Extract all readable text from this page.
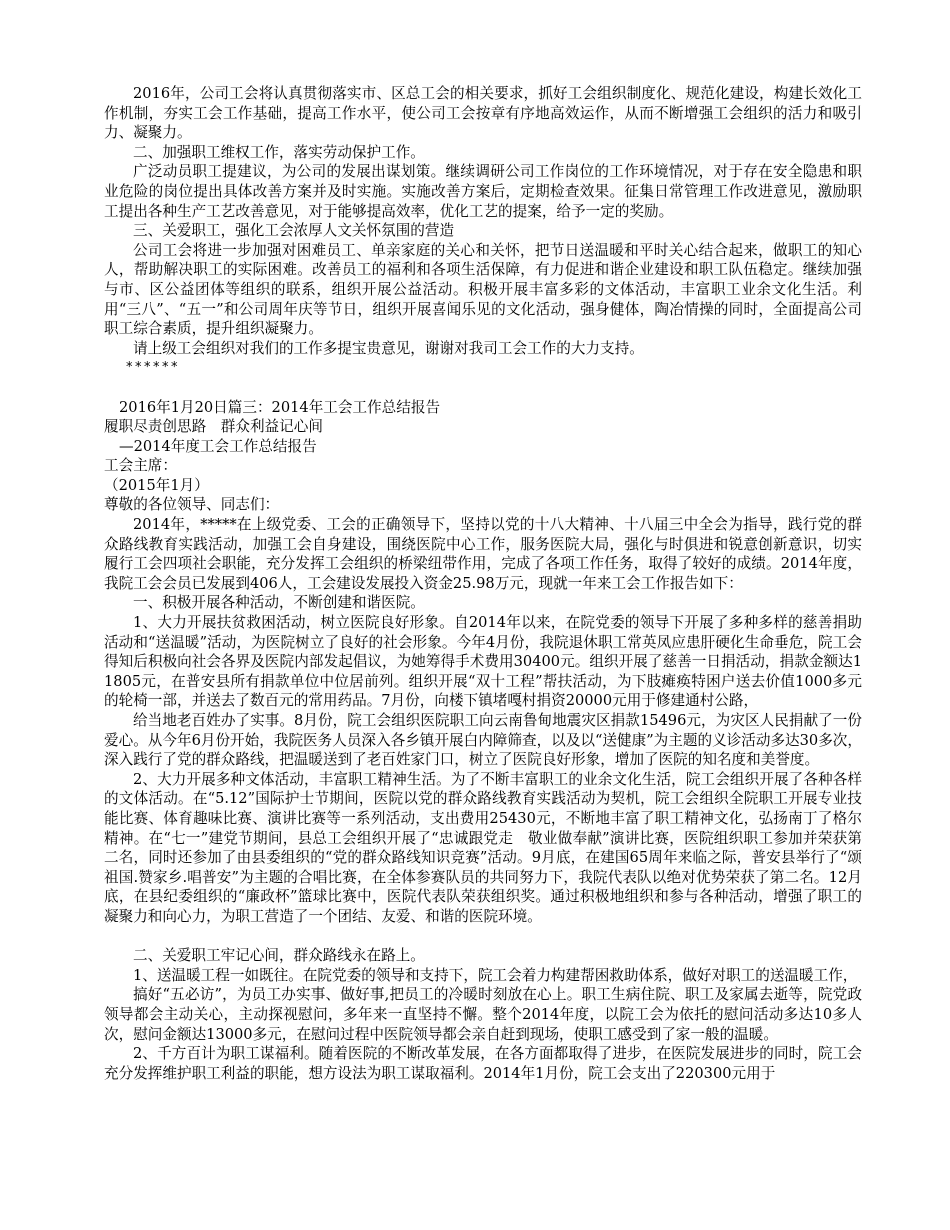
2016年，公司工会将认真贯彻落实市、区总工会的相关要求，抓好工会组织制度化、规范化建设，构建长效化工作机制，夯实工会工作基础，提高工作水平，使公司工会按章有序地高效运作，从而不断增强工会组织的活力和吸引力、凝聚力。
二、加强职工维权工作，落实劳动保护工作。
广泛动员职工提建议，为公司的发展出谋划策。继续调研公司工作岗位的工作环境情况，对于存在安全隐患和职业危险的岗位提出具体改善方案并及时实施。实施改善方案后，定期检查效果。征集日常管理工作改进意见，激励职工提出各种生产工艺改善意见，对于能够提高效率，优化工艺的提案，给予一定的奖励。
三、关爱职工，强化工会浓厚人文关怀氛围的营造
公司工会将进一步加强对困难员工、单亲家庭的关心和关怀，把节日送温暖和平时关心结合起来，做职工的知心人，帮助解决职工的实际困难。改善员工的福利和各项生活保障，有力促进和谐企业建设和职工队伍稳定。继续加强与市、区公益团体等组织的联系，组织开展公益活动。积极开展丰富多彩的文体活动，丰富职工业余文化生活。利用“三八”、“五一”和公司周年庆等节日，组织开展喜闻乐见的文化活动，强身健体，陶冶情操的同时，全面提高公司职工综合素质，提升组织凝聚力。
请上级工会组织对我们的工作多提宝贵意见，谢谢对我司工会工作的大力支持。
******
2016年1月20日篇三：2014年工会工作总结报告
履职尽责创思路　群众利益记心间
—2014年度工会工作总结报告
工会主席：
（2015年1月）
尊敬的各位领导、同志们：
2014年，*****在上级党委、工会的正确领导下，坚持以党的十八大精神、十八届三中全会为指导，践行党的群众路线教育实践活动，加强工会自身建设，围绕医院中心工作，服务医院大局，强化与时俱进和锐意创新意识，切实履行工会四项社会职能，充分发挥工会组织的桥梁纽带作用，完成了各项工作任务，取得了较好的成绩。2014年度，我院工会会员已发展到406人，工会建设发展投入资金25.98万元，现就一年来工会工作报告如下：
一、积极开展各种活动，不断创建和谐医院。
1、大力开展扶贫救困活动，树立医院良好形象。自2014年以来，在院党委的领导下开展了多种多样的慈善捐助活动和“送温暖”活动，为医院树立了良好的社会形象。今年4月份，我院退休职工常英凤应患肝硬化生命垂危，院工会得知后积极向社会各界及医院内部发起倡议，为她筹得手术费用30400元。组织开展了慈善一日捐活动，捐款金额达11805元，在普安县所有捐款单位中位居前列。组织开展“双十工程”帮扶活动，为下肢瘫痪特困户送去价值1000多元的轮椅一部，并送去了数百元的常用药品。7月份，向楼下镇堵嘎村捐资20000元用于修建通村公路，
给当地老百姓办了实事。8月份，院工会组织医院职工向云南鲁甸地震灾区捐款15496元，为灾区人民捐献了一份爱心。从今年6月份开始，我院医务人员深入各乡镇开展白内障筛查，以及以“送健康”为主题的义诊活动多达30多次，深入践行了党的群众路线，把温暖送到了老百姓家门口，树立了医院良好形象，增加了医院的知名度和美誉度。
2、大力开展多种文体活动，丰富职工精神生活。为了不断丰富职工的业余文化生活，院工会组织开展了各种各样的文体活动。在“5.12”国际护士节期间，医院以党的群众路线教育实践活动为契机，院工会组织全院职工开展专业技能比赛、体育趣味比赛、演讲比赛等一系列活动，支出费用25430元，不断地丰富了职工精神文化，弘扬南丁了格尔精神。在“七一”建党节期间，县总工会组织开展了“忠诚跟党走　敬业做奉献”演讲比赛，医院组织职工参加并荣获第二名，同时还参加了由县委组织的“党的群众路线知识竞赛”活动。9月底，在建国65周年来临之际，普安县举行了“颂祖国.赞家乡.唱普安”为主题的合唱比赛，在全体参赛队员的共同努力下，我院代表队以绝对优势荣获了第二名。12月底，在县纪委组织的“廉政杯”篮球比赛中，医院代表队荣获组织奖。通过积极地组织和参与各种活动，增强了职工的凝聚力和向心力，为职工营造了一个团结、友爱、和谐的医院环境。
二、关爱职工牢记心间，群众路线永在路上。
1、送温暖工程一如既往。在院党委的领导和支持下，院工会着力构建帮困救助体系，做好对职工的送温暖工作，
搞好“五必访”，为员工办实事、做好事,把员工的冷暖时刻放在心上。职工生病住院、职工及家属去逝等，院党政领导都会主动关心，主动探视慰问，多年来一直坚持不懈。整个2014年度，以院工会为依托的慰问活动多达10多人次，慰问金额达13000多元，在慰问过程中医院领导都会亲自赶到现场，使职工感受到了家一般的温暖。
2、千方百计为职工谋福利。随着医院的不断改革发展，在各方面都取得了进步，在医院发展进步的同时，院工会充分发挥维护职工利益的职能，想方设法为职工谋取福利。2014年1月份，院工会支出了220300元用于
